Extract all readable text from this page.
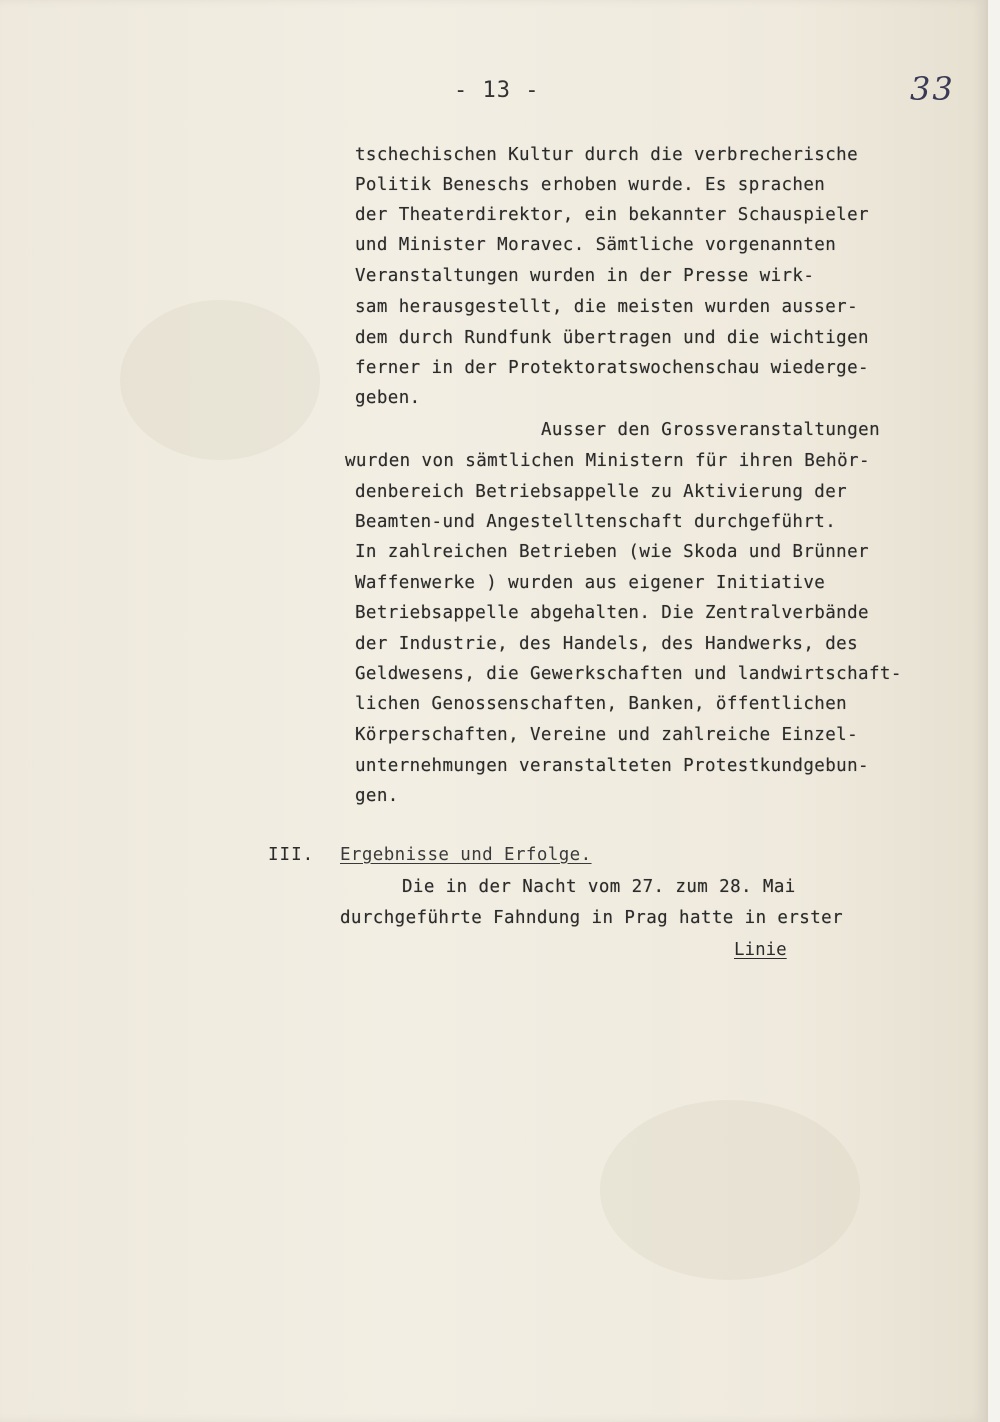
- 13 -	33
tschechischen Kultur durch die verbrecherische
Politik Beneschs erhoben wurde. Es sprachen
der Theaterdirektor, ein bekannter Schauspieler
und Minister Moravec. Sämtliche vorgenannten
Veranstaltungen wurden in der Presse wirk-
sam herausgestellt, die meisten wurden ausser-
dem durch Rundfunk übertragen und die wichtigen
ferner in der Protektoratswochenschau wiederge-
geben.
Ausser den Grossveranstaltungen
wurden von sämtlichen Ministern für ihren Behör-
denbereich Betriebsappelle zu Aktivierung der
Beamten-und Angestelltenschaft durchgeführt.
In zahlreichen Betrieben (wie Skoda und Brünner
Waffenwerke ) wurden aus eigener Initiative
Betriebsappelle abgehalten. Die Zentralverbände
der Industrie, des Handels, des Handwerks, des
Geldwesens, die Gewerkschaften und landwirtschaft-
lichen Genossenschaften, Banken, öffentlichen
Körperschaften, Vereine und zahlreiche Einzel-
unternehmungen veranstalteten Protestkundgebun-
gen.
III. Ergebnisse und Erfolge.
Die in der Nacht vom 27. zum 28. Mai
durchgeführte Fahndung in Prag hatte in erster
Linie
